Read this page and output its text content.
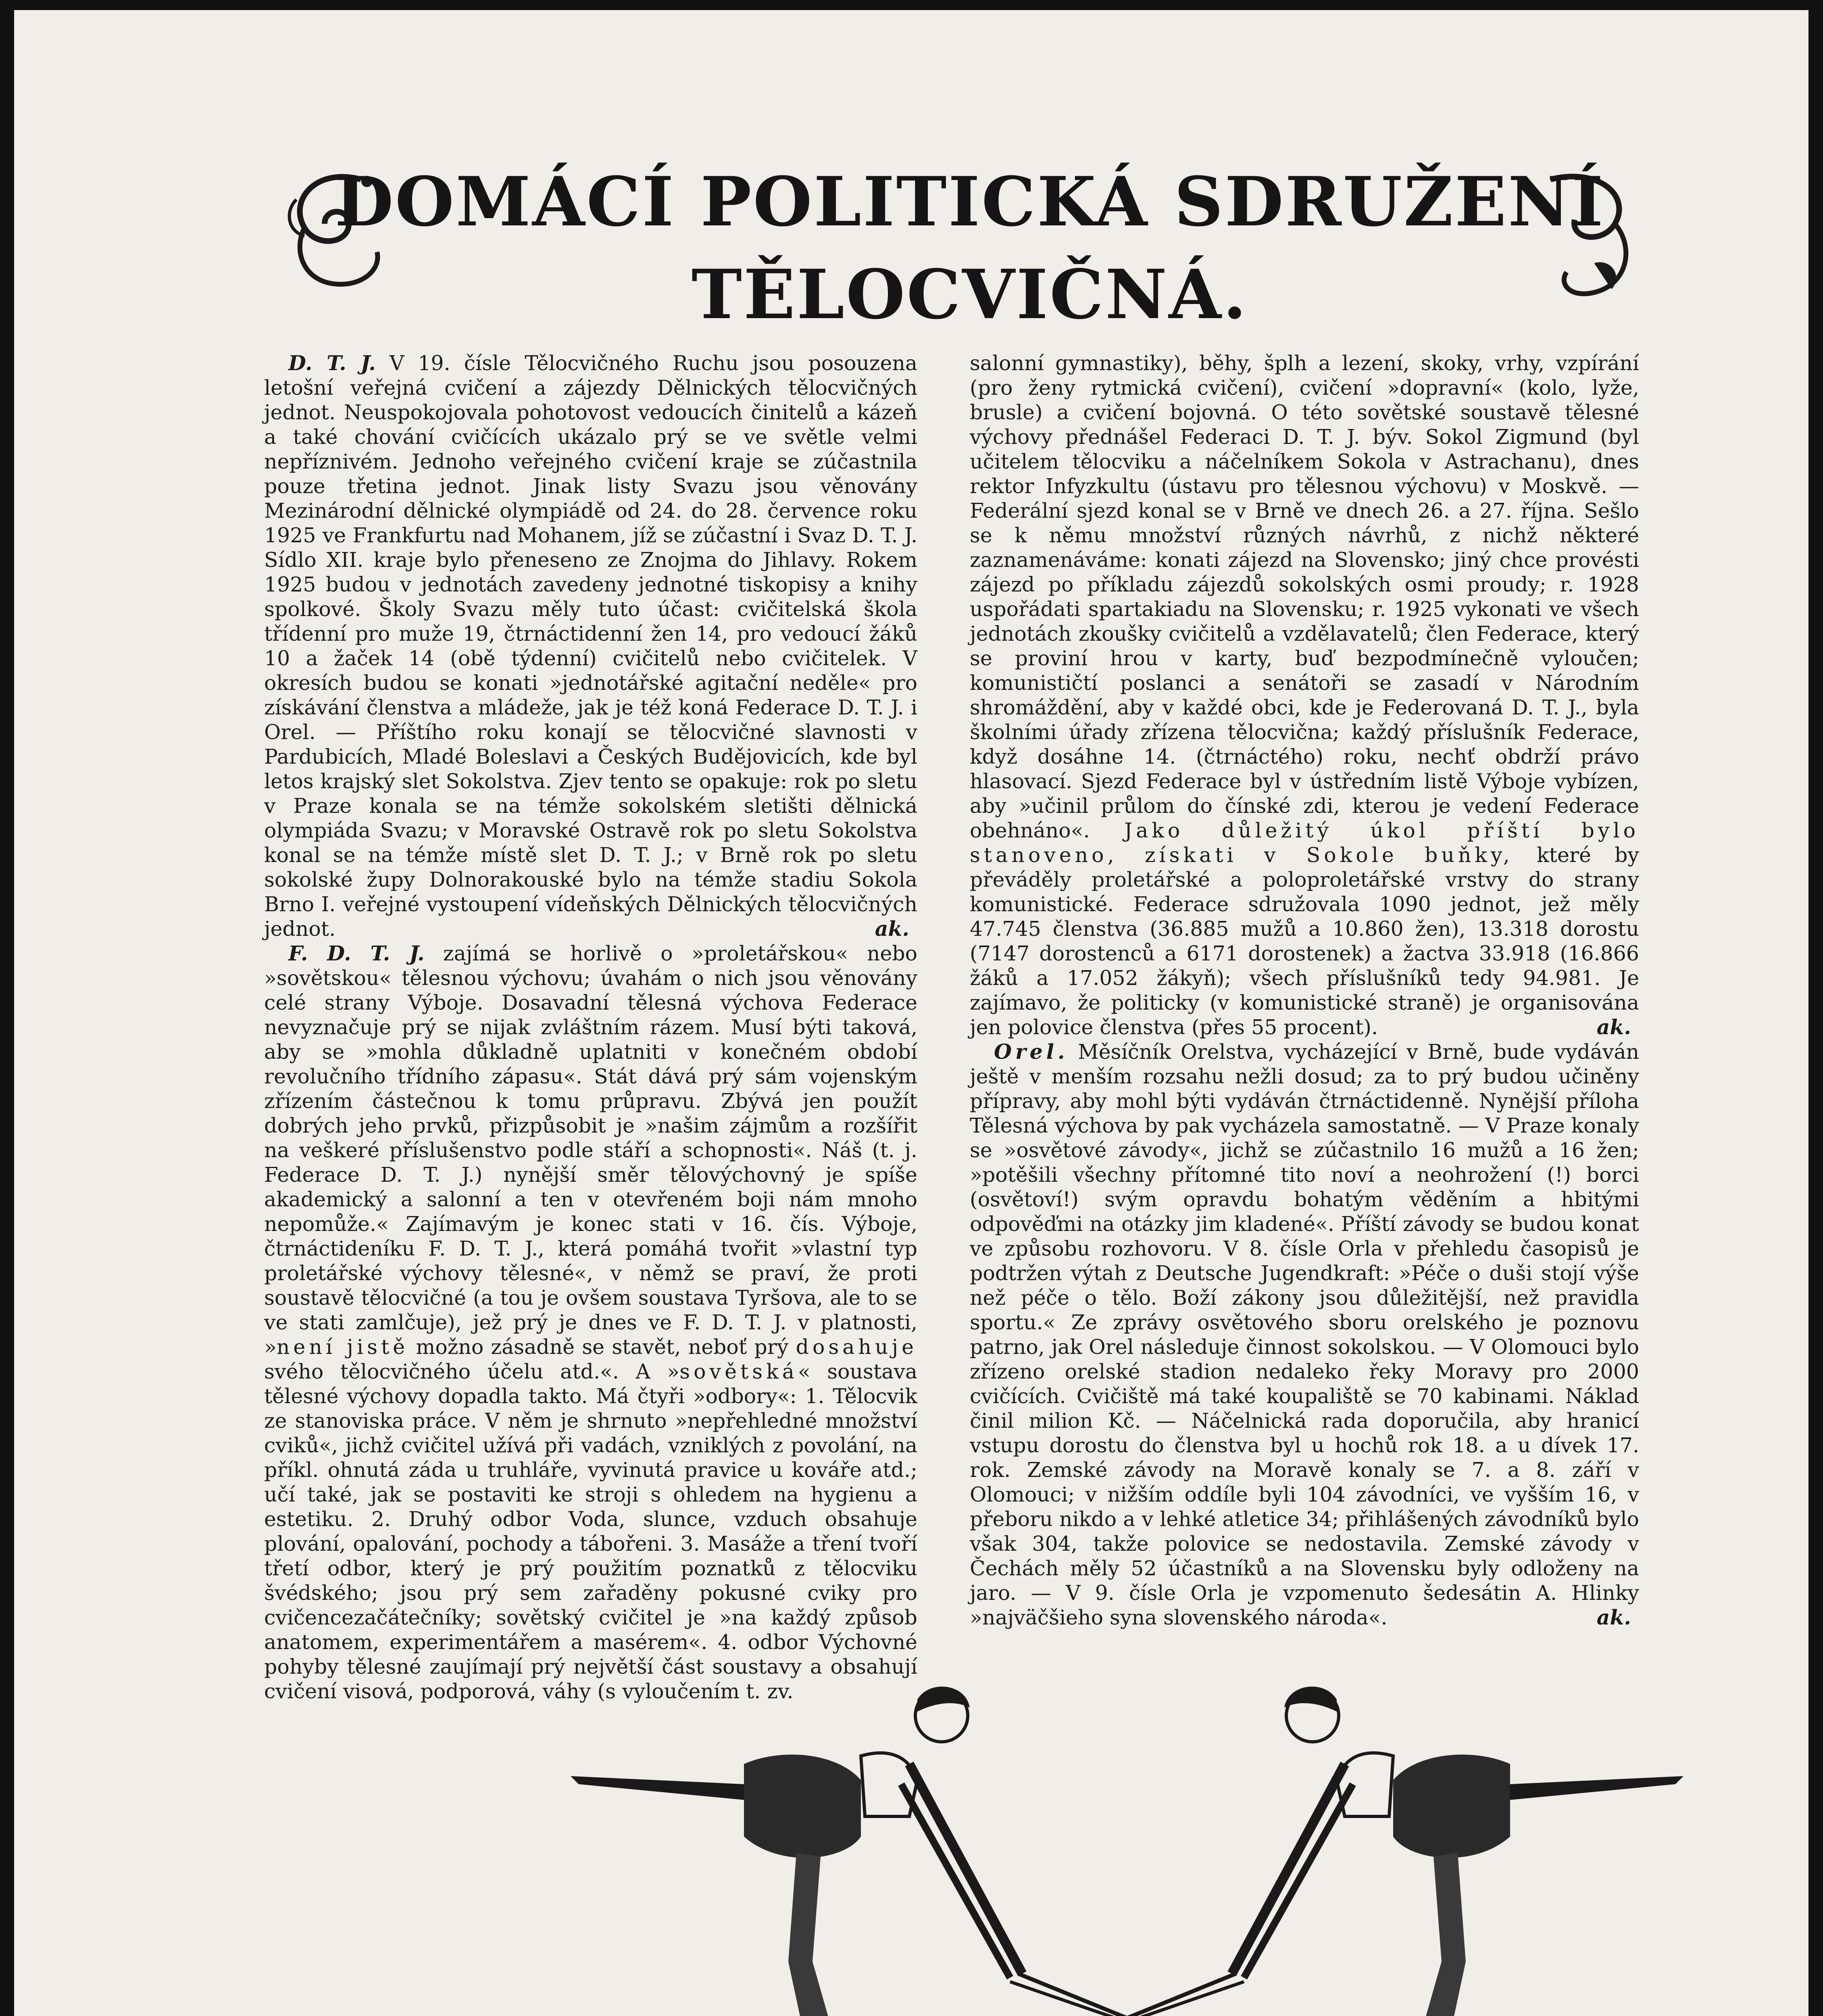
DOMÁCÍ POLITICKÁ SDRUŽENÍ
TĚLOCVIČNÁ.

D. T. J. V 19. čísle Tělocvičného Ruchu jsou posouzena letošní veřejná cvičení a zájezdy Dělnických tělocvičných jednot. Neuspokojovala pohotovost vedoucích činitelů a kázeň a také chování cvičících ukázalo prý se ve světle velmi nepříznivém. Jednoho veřejného cvičení kraje se zúčastnila pouze třetina jednot. Jinak listy Svazu jsou věnovány Mezinárodní dělnické olympiádě od 24. do 28. července roku 1925 ve Frankfurtu nad Mohanem, jíž se zúčastní i Svaz D. T. J. Sídlo XII. kraje bylo přeneseno ze Znojma do Jihlavy. Rokem 1925 budou v jednotách zavedeny jednotné tiskopisy a knihy spolkové. Školy Svazu měly tuto účast: cvičitelská škola třídenní pro muže 19, čtrnáctidenní žen 14, pro vedoucí žáků 10 a žaček 14 (obě týdenní) cvičitelů nebo cvičitelek. V okresích budou se konati »jednotářské agitační neděle« pro získávání členstva a mládeže, jak je též koná Federace D. T. J. i Orel. — Příštího roku konají se tělocvičné slavnosti v Pardubicích, Mladé Boleslavi a Českých Budějovicích, kde byl letos krajský slet Sokolstva. Zjev tento se opakuje: rok po sletu v Praze konala se na témže sokolském sletišti dělnická olympiáda Svazu; v Moravské Ostravě rok po sletu Sokolstva konal se na témže místě slet D. T. J.; v Brně rok po sletu sokolské župy Dolnorakouské bylo na témže stadiu Sokola Brno I. veřejné vystoupení vídeňských Dělnických tělocvičných jednot.	ak.

F. D. T. J. zajímá se horlivě o »proletářskou« nebo »sovětskou« tělesnou výchovu; úvahám o nich jsou věnovány celé strany Výboje. Dosavadní tělesná výchova Federace nevyznačuje prý se nijak zvláštním rázem. Musí býti taková, aby se »mohla důkladně uplatniti v konečném období revolučního třídního zápasu«. Stát dává prý sám vojenským zřízením částečnou k tomu průpravu. Zbývá jen použít dobrých jeho prvků, přizpůsobit je »našim zájmům a rozšířit na veškeré příslušenstvo podle stáří a schopnosti«. Náš (t. j. Federace D. T. J.) nynější směr tělovýchovný je spíše akademický a salonní a ten v otevřeném boji nám mnoho nepomůže.« Zajímavým je konec stati v 16. čís. Výboje, čtrnáctideníku F. D. T. J., která pomáhá tvořit »vlastní typ proletářské výchovy tělesné«, v němž se praví, že proti soustavě tělocvičné (a tou je ovšem soustava Tyršova, ale to se ve stati zamlčuje), jež prý je dnes ve F. D. T. J. v platnosti, »není jistě možno zásadně se stavět, neboť prý dosahuje svého tělocvičného účelu atd.«. A »sovětská« soustava tělesné výchovy dopadla takto. Má čtyři »odbory«: 1. Tělocvik ze stanoviska práce. V něm je shrnuto »nepřehledné množství cviků«, jichž cvičitel užívá při vadách, vzniklých z povolání, na příkl. ohnutá záda u truhláře, vyvinutá pravice u kováře atd.; učí také, jak se postaviti ke stroji s ohledem na hygienu a estetiku. 2. Druhý odbor Voda, slunce, vzduch obsahuje plování, opalování, pochody a tábořeni. 3. Masáže a tření tvoří třetí odbor, který je prý použitím poznatků z tělocviku švédského; jsou prý sem zařaděny pokusné cviky pro cvičencezačátečníky; sovětský cvičitel je »na každý způsob anatomem, experimentářem a masérem«. 4. odbor Výchovné pohyby tělesné zaujímají prý největší část soustavy a obsahují cvičení visová, podporová, váhy (s vyloučením t. zv.

salonní gymnastiky), běhy, šplh a lezení, skoky, vrhy, vzpírání (pro ženy rytmická cvičení), cvičení »dopravní« (kolo, lyže, brusle) a cvičení bojovná. O této sovětské soustavě tělesné výchovy přednášel Federaci D. T. J. býv. Sokol Zigmund (byl učitelem tělocviku a náčelníkem Sokola v Astrachanu), dnes rektor Infyzkultu (ústavu pro tělesnou výchovu) v Moskvě. — Federální sjezd konal se v Brně ve dnech 26. a 27. října. Sešlo se k němu množství různých návrhů, z nichž některé zaznamenáváme: konati zájezd na Slovensko; jiný chce provésti zájezd po příkladu zájezdů sokolských osmi proudy; r. 1928 uspořádati spartakiadu na Slovensku; r. 1925 vykonati ve všech jednotách zkoušky cvičitelů a vzdělavatelů; člen Federace, který se proviní hrou v karty, buď bezpodmínečně vyloučen; komunističtí poslanci a senátoři se zasadí v Národním shromáždění, aby v každé obci, kde je Federovaná D. T. J., byla školními úřady zřízena tělocvična; každý příslušník Federace, když dosáhne 14. (čtrnáctého) roku, nechť obdrží právo hlasovací. Sjezd Federace byl v ústředním listě Výboje vybízen, aby »učinil průlom do čínské zdi, kterou je vedení Federace obehnáno«. Jako důležitý úkol příští bylo stanoveno, získati v Sokole buňky, které by převáděly proletářské a poloproletářské vrstvy do strany komunistické. Federace sdružovala 1090 jednot, jež měly 47.745 členstva (36.885 mužů a 10.860 žen), 13.318 dorostu (7147 dorostenců a 6171 dorostenek) a žactva 33.918 (16.866 žáků a 17.052 žákyň); všech příslušníků tedy 94.981. Je zajímavo, že politicky (v komunistické straně) je organisována jen polovice členstva (přes 55 procent).	ak.

Orel. Měsíčník Orelstva, vycházející v Brně, bude vydáván ještě v menším rozsahu nežli dosud; za to prý budou učiněny přípravy, aby mohl býti vydáván čtrnáctidenně. Nynější příloha Tělesná výchova by pak vycházela samostatně. — V Praze konaly se »osvětové závody«, jichž se zúčastnilo 16 mužů a 16 žen; »potěšili všechny přítomné tito noví a neohrožení (!) borci (osvětoví!) svým opravdu bohatým věděním a hbitými odpověďmi na otázky jim kladené«. Příští závody se budou konat ve způsobu rozhovoru. V 8. čísle Orla v přehledu časopisů je podtržen výtah z Deutsche Jugendkraft: »Péče o duši stojí výše než péče o tělo. Boží zákony jsou důležitější, než pravidla sportu.« Ze zprávy osvětového sboru orelského je poznovu patrno, jak Orel následuje činnost sokolskou. — V Olomouci bylo zřízeno orelské stadion nedaleko řeky Moravy pro 2000 cvičících. Cvičiště má také koupaliště se 70 kabinami. Náklad činil milion Kč. — Náčelnická rada doporučila, aby hranicí vstupu dorostu do členstva byl u hochů rok 18. a u dívek 17. rok. Zemské závody na Moravě konaly se 7. a 8. září v Olomouci; v nižším oddíle byli 104 závodníci, ve vyšším 16, v přeboru nikdo a v lehké atletice 34; přihlášených závodníků bylo však 304, takže polovice se nedostavila. Zemské závody v Čechách měly 52 účastníků a na Slovensku byly odloženy na jaro. — V 9. čísle Orla je vzpomenuto šedesátin A. Hlinky »najväčšieho syna slovenského národa«.	ak.
